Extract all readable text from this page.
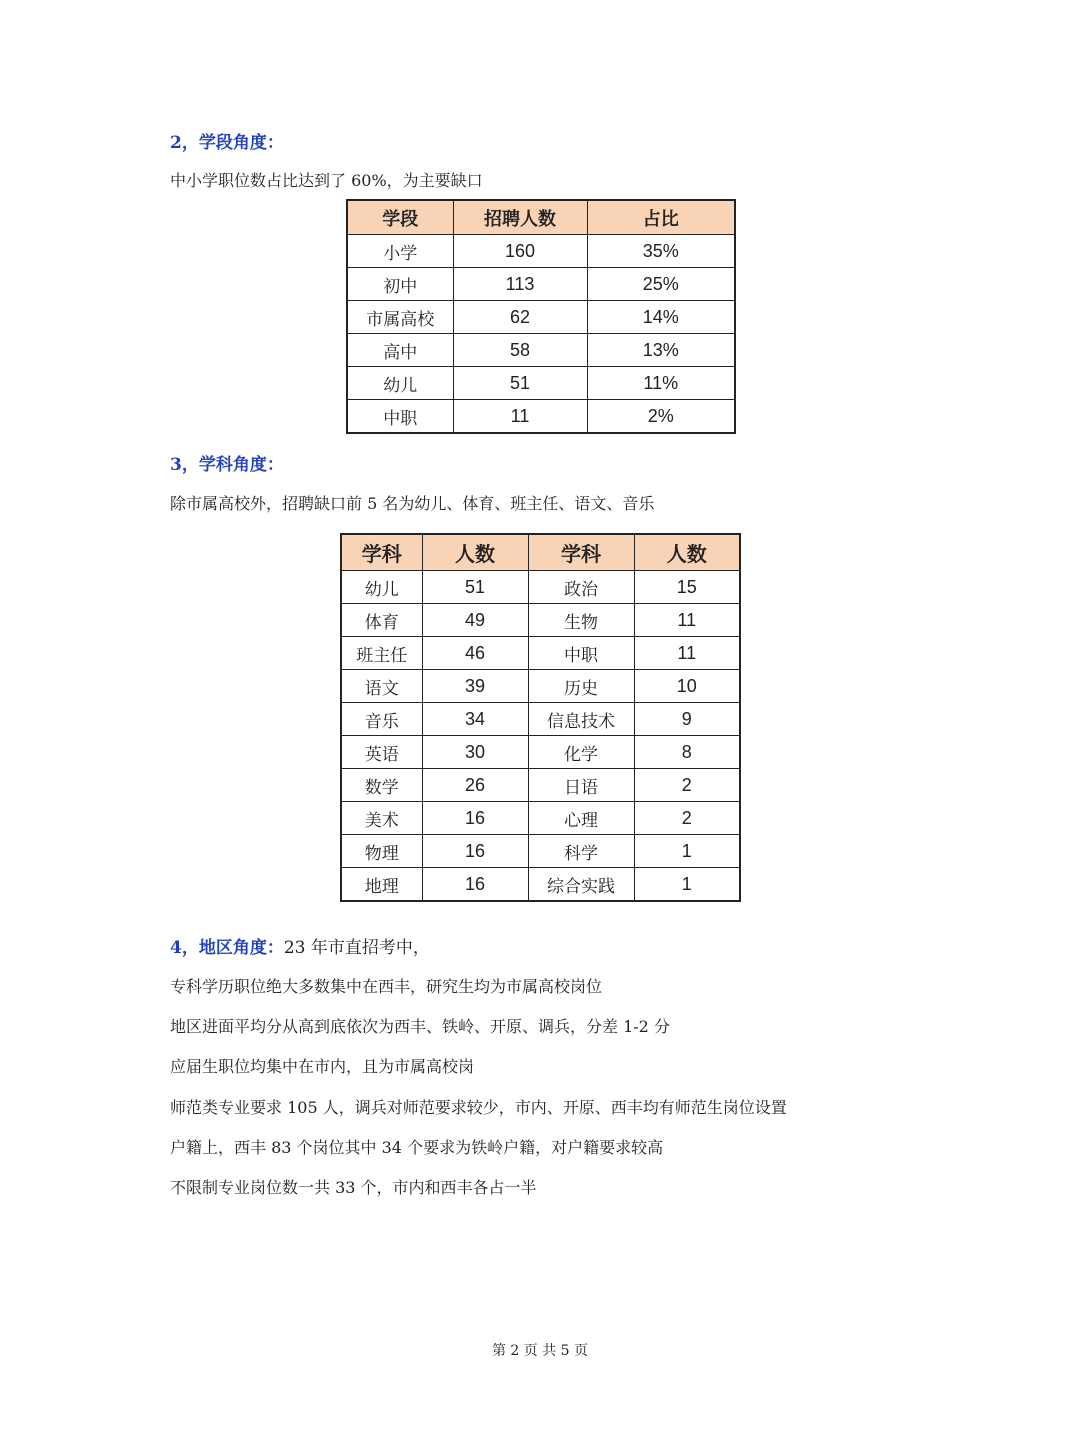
2，学段角度：
中小学职位数占比达到了 60%，为主要缺口
学段	招聘人数	占比
小学	160	35%
初中	113	25%
市属高校	62	14%
高中	58	13%
幼儿	51	11%
中职	11	2%
3，学科角度：
除市属高校外，招聘缺口前 5 名为幼儿、体育、班主任、语文、音乐
学科	人数	学科	人数
幼儿	51	政治	15
体育	49	生物	11
班主任	46	中职	11
语文	39	历史	10
音乐	34	信息技术	9
英语	30	化学	8
数学	26	日语	2
美术	16	心理	2
物理	16	科学	1
地理	16	综合实践	1
4，地区角度：23 年市直招考中，
专科学历职位绝大多数集中在西丰，研究生均为市属高校岗位
地区进面平均分从高到底依次为西丰、铁岭、开原、调兵，分差 1-2 分
应届生职位均集中在市内，且为市属高校岗
师范类专业要求 105 人，调兵对师范要求较少，市内、开原、西丰均有师范生岗位设置
户籍上，西丰 83 个岗位其中 34 个要求为铁岭户籍，对户籍要求较高
不限制专业岗位数一共 33 个，市内和西丰各占一半
第 2 页 共 5 页
